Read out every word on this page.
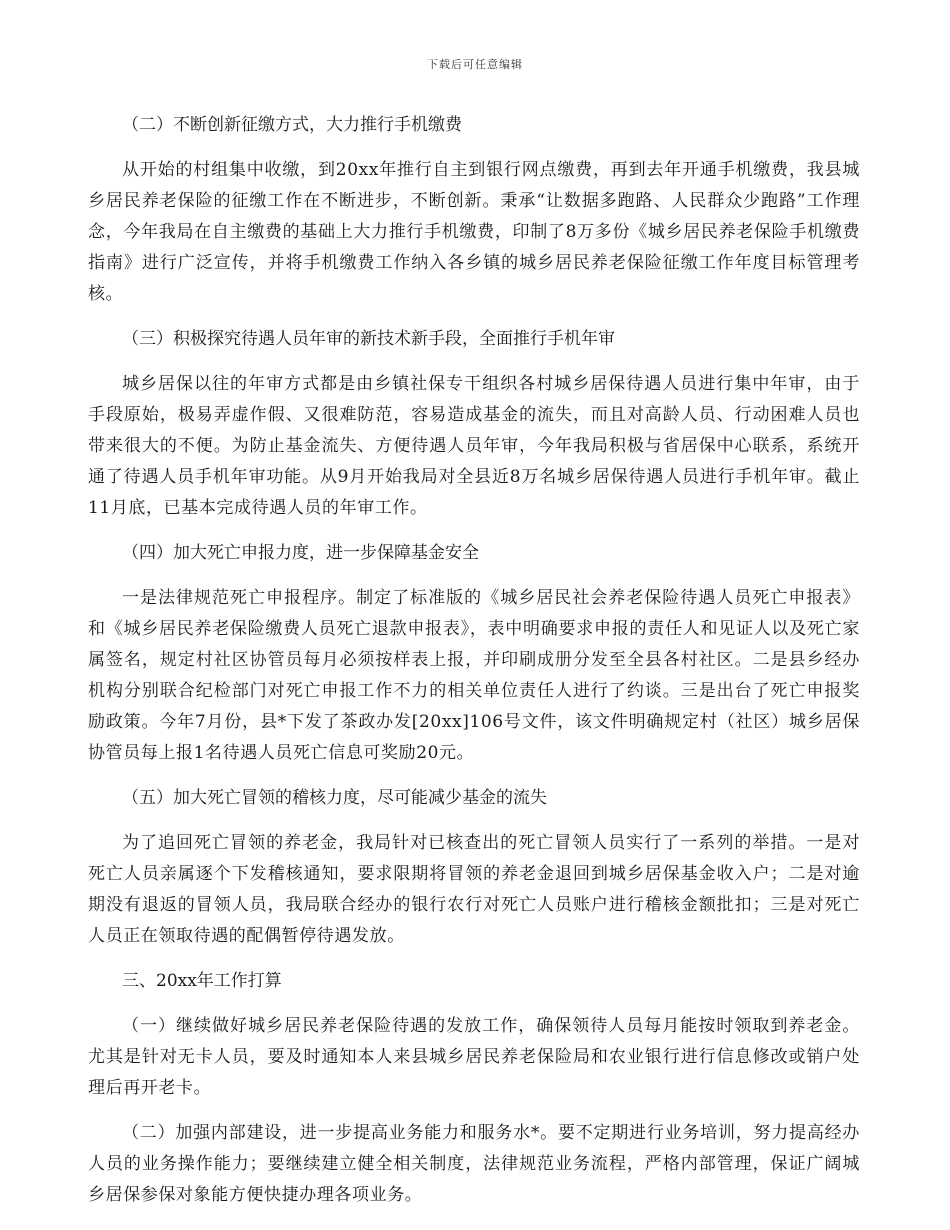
下载后可任意编辑

（二）不断创新征缴方式，大力推行手机缴费

从开始的村组集中收缴，到20xx年推行自主到银行网点缴费，再到去年开通手机缴费，我县城乡居民养老保险的征缴工作在不断进步，不断创新。秉承“让数据多跑路、人民群众少跑路”工作理念，今年我局在自主缴费的基础上大力推行手机缴费，印制了8万多份《城乡居民养老保险手机缴费指南》进行广泛宣传，并将手机缴费工作纳入各乡镇的城乡居民养老保险征缴工作年度目标管理考核。

（三）积极探究待遇人员年审的新技术新手段，全面推行手机年审

城乡居保以往的年审方式都是由乡镇社保专干组织各村城乡居保待遇人员进行集中年审，由于手段原始，极易弄虚作假、又很难防范，容易造成基金的流失，而且对高龄人员、行动困难人员也带来很大的不便。为防止基金流失、方便待遇人员年审，今年我局积极与省居保中心联系，系统开通了待遇人员手机年审功能。从9月开始我局对全县近8万名城乡居保待遇人员进行手机年审。截止11月底，已基本完成待遇人员的年审工作。

（四）加大死亡申报力度，进一步保障基金安全

一是法律规范死亡申报程序。制定了标准版的《城乡居民社会养老保险待遇人员死亡申报表》和《城乡居民养老保险缴费人员死亡退款申报表》，表中明确要求申报的责任人和见证人以及死亡家属签名，规定村社区协管员每月必须按样表上报，并印刷成册分发至全县各村社区。二是县乡经办机构分别联合纪检部门对死亡申报工作不力的相关单位责任人进行了约谈。三是出台了死亡申报奖励政策。今年7月份，县*下发了茶政办发[20xx]106号文件，该文件明确规定村（社区）城乡居保协管员每上报1名待遇人员死亡信息可奖励20元。

（五）加大死亡冒领的稽核力度，尽可能减少基金的流失

为了追回死亡冒领的养老金，我局针对已核查出的死亡冒领人员实行了一系列的举措。一是对死亡人员亲属逐个下发稽核通知，要求限期将冒领的养老金退回到城乡居保基金收入户；二是对逾期没有退返的冒领人员，我局联合经办的银行农行对死亡人员账户进行稽核金额批扣；三是对死亡人员正在领取待遇的配偶暂停待遇发放。

三、20xx年工作打算

（一）继续做好城乡居民养老保险待遇的发放工作，确保领待人员每月能按时领取到养老金。尤其是针对无卡人员，要及时通知本人来县城乡居民养老保险局和农业银行进行信息修改或销户处理后再开老卡。

（二）加强内部建设，进一步提高业务能力和服务水*。要不定期进行业务培训，努力提高经办人员的业务操作能力；要继续建立健全相关制度，法律规范业务流程，严格内部管理，保证广阔城乡居保参保对象能方便快捷办理各项业务。
